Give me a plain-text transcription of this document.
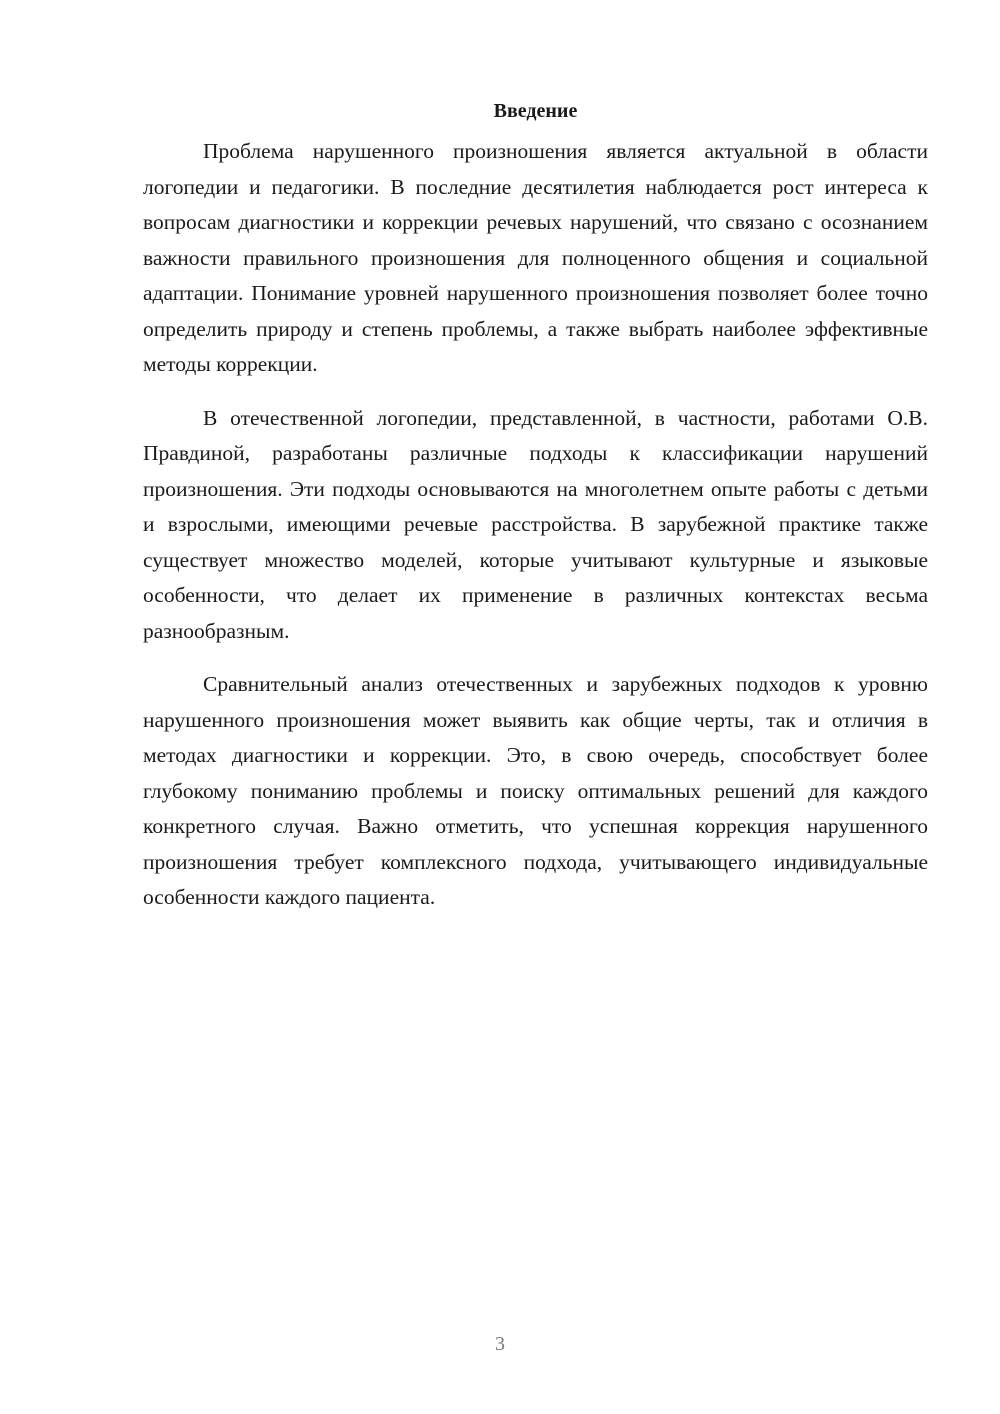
Введение

Проблема нарушенного произношения является актуальной в области логопедии и педагогики. В последние десятилетия наблюдается рост интереса к вопросам диагностики и коррекции речевых нарушений, что связано с осознанием важности правильного произношения для полноценного общения и социальной адаптации. Понимание уровней нарушенного произношения позволяет более точно определить природу и степень проблемы, а также выбрать наиболее эффективные методы коррекции.

В отечественной логопедии, представленной, в частности, работами О.В. Правдиной, разработаны различные подходы к классификации нарушений произношения. Эти подходы основываются на многолетнем опыте работы с детьми и взрослыми, имеющими речевые расстройства. В зарубежной практике также существует множество моделей, которые учитывают культурные и языковые особенности, что делает их применение в различных контекстах весьма разнообразным.

Сравнительный анализ отечественных и зарубежных подходов к уровню нарушенного произношения может выявить как общие черты, так и отличия в методах диагностики и коррекции. Это, в свою очередь, способствует более глубокому пониманию проблемы и поиску оптимальных решений для каждого конкретного случая. Важно отметить, что успешная коррекция нарушенного произношения требует комплексного подхода, учитывающего индивидуальные особенности каждого пациента.

3
